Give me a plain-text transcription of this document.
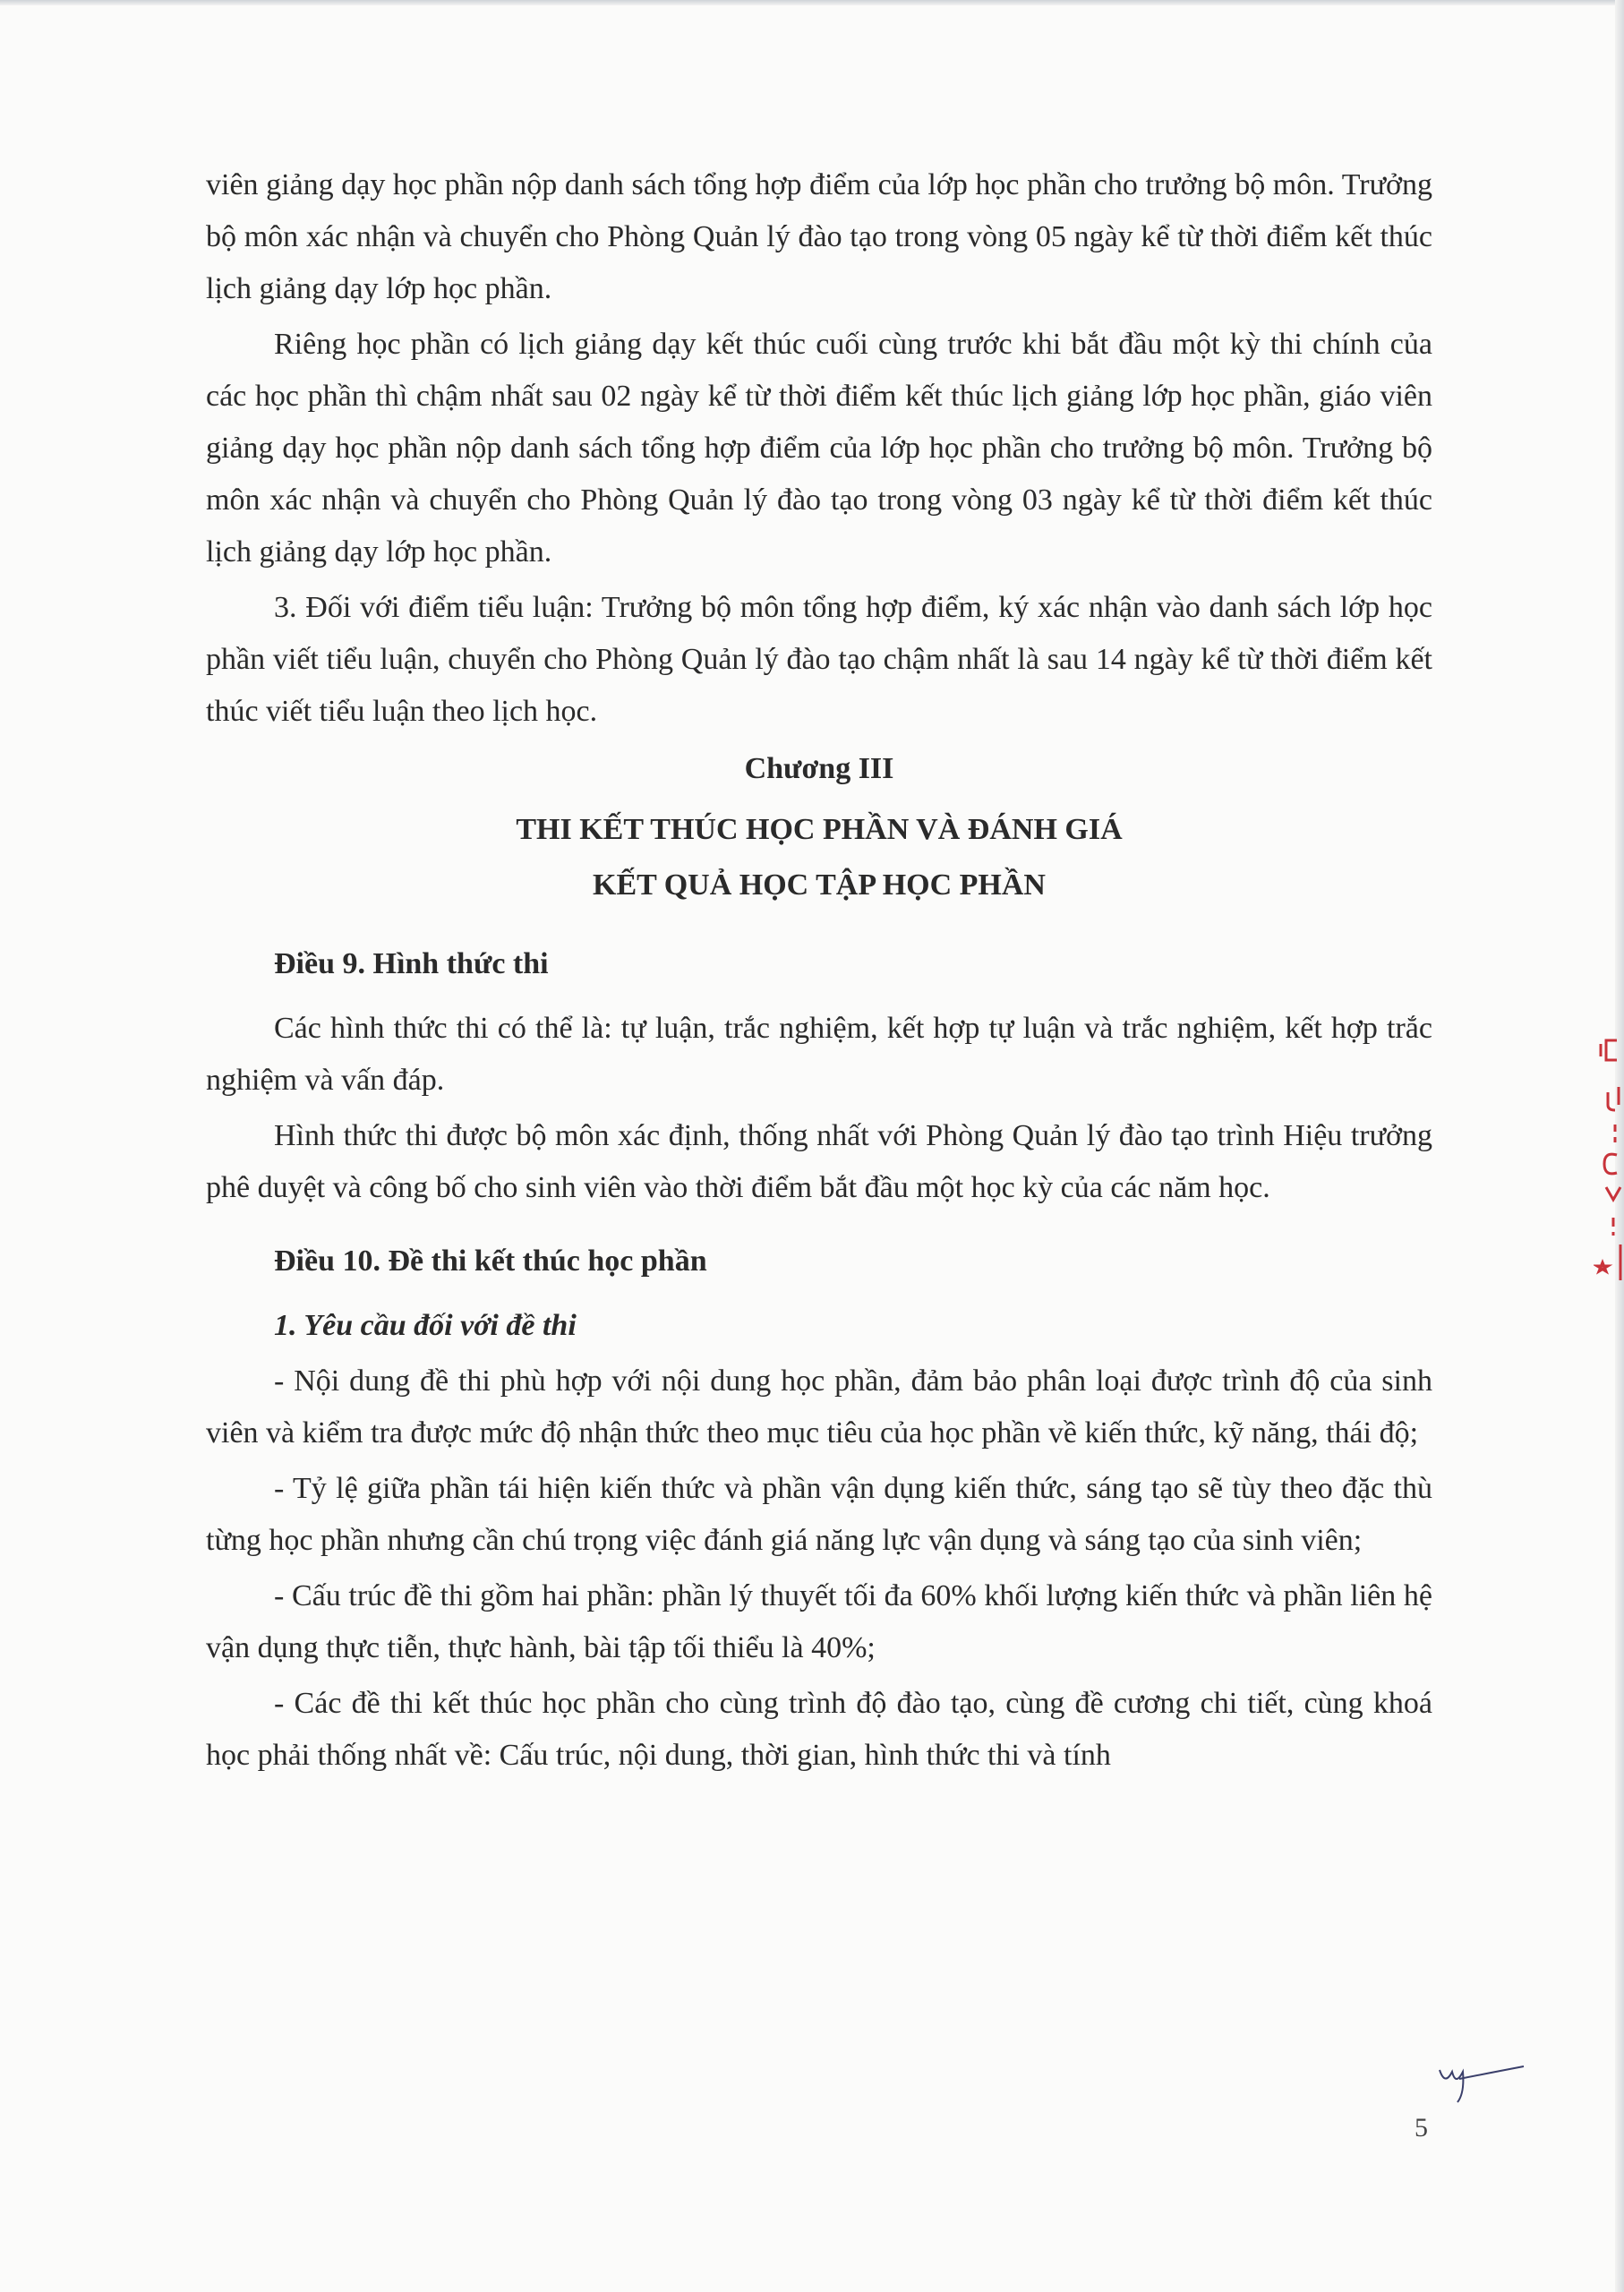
viên giảng dạy học phần nộp danh sách tổng hợp điểm của lớp học phần cho trưởng bộ môn. Trưởng bộ môn xác nhận và chuyển cho Phòng Quản lý đào tạo trong vòng 05 ngày kể từ thời điểm kết thúc lịch giảng dạy lớp học phần.

Riêng học phần có lịch giảng dạy kết thúc cuối cùng trước khi bắt đầu một kỳ thi chính của các học phần thì chậm nhất sau 02 ngày kể từ thời điểm kết thúc lịch giảng lớp học phần, giáo viên giảng dạy học phần nộp danh sách tổng hợp điểm của lớp học phần cho trưởng bộ môn. Trưởng bộ môn xác nhận và chuyển cho Phòng Quản lý đào tạo trong vòng 03 ngày kể từ thời điểm kết thúc lịch giảng dạy lớp học phần.

3. Đối với điểm tiểu luận: Trưởng bộ môn tổng hợp điểm, ký xác nhận vào danh sách lớp học phần viết tiểu luận, chuyển cho Phòng Quản lý đào tạo chậm nhất là sau 14 ngày kể từ thời điểm kết thúc viết tiểu luận theo lịch học.

Chương III

THI KẾT THÚC HỌC PHẦN VÀ ĐÁNH GIÁ

KẾT QUẢ HỌC TẬP HỌC PHẦN

Điều 9. Hình thức thi

Các hình thức thi có thể là: tự luận, trắc nghiệm, kết hợp tự luận và trắc nghiệm, kết hợp trắc nghiệm và vấn đáp.

Hình thức thi được bộ môn xác định, thống nhất với Phòng Quản lý đào tạo trình Hiệu trưởng phê duyệt và công bố cho sinh viên vào thời điểm bắt đầu một học kỳ của các năm học.

Điều 10. Đề thi kết thúc học phần

1. Yêu cầu đối với đề thi

- Nội dung đề thi phù hợp với nội dung học phần, đảm bảo phân loại được trình độ của sinh viên và kiểm tra được mức độ nhận thức theo mục tiêu của học phần về kiến thức, kỹ năng, thái độ;

- Tỷ lệ giữa phần tái hiện kiến thức và phần vận dụng kiến thức, sáng tạo sẽ tùy theo đặc thù từng học phần nhưng cần chú trọng việc đánh giá năng lực vận dụng và sáng tạo của sinh viên;

- Cấu trúc đề thi gồm hai phần: phần lý thuyết tối đa 60% khối lượng kiến thức và phần liên hệ vận dụng thực tiễn, thực hành, bài tập tối thiểu là 40%;

- Các đề thi kết thúc học phần cho cùng trình độ đào tạo, cùng đề cương chi tiết, cùng khoá học phải thống nhất về: Cấu trúc, nội dung, thời gian, hình thức thi và tính

5
